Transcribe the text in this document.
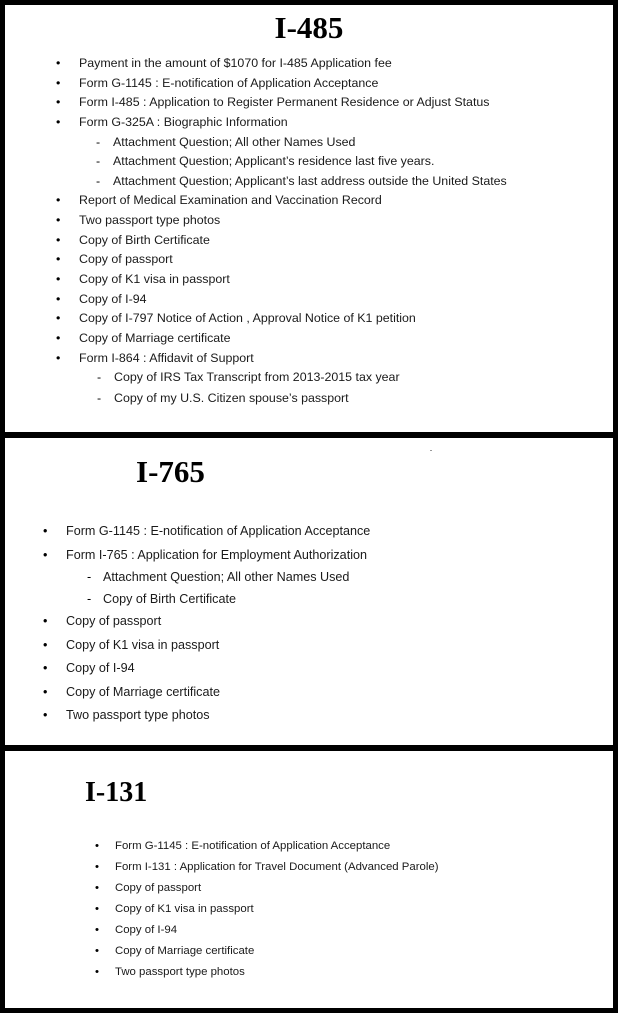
I-485
• Payment in the amount of $1070 for I-485 Application fee
• Form G-1145 : E-notification of Application Acceptance
• Form I-485 : Application to Register Permanent Residence or Adjust Status
• Form G-325A : Biographic Information
- Attachment Question; All other Names Used
- Attachment Question; Applicant’s residence last five years.
- Attachment Question; Applicant’s last address outside the United States
• Report of Medical Examination and Vaccination Record
• Two passport type photos
• Copy of Birth Certificate
• Copy of passport
• Copy of K1 visa in passport
• Copy of I-94
• Copy of I-797 Notice of Action , Approval Notice of K1 petition
• Copy of Marriage certificate
• Form I-864 : Affidavit of Support
- Copy of IRS Tax Transcript from 2013-2015 tax year
- Copy of my U.S. Citizen spouse’s passport
I-765
• Form G-1145 : E-notification of Application Acceptance
• Form I-765 : Application for Employment Authorization
- Attachment Question; All other Names Used
- Copy of Birth Certificate
• Copy of passport
• Copy of K1 visa in passport
• Copy of I-94
• Copy of Marriage certificate
• Two passport type photos
I-131
• Form G-1145 : E-notification of Application Acceptance
• Form I-131 : Application for Travel Document (Advanced Parole)
• Copy of passport
• Copy of K1 visa in passport
• Copy of I-94
• Copy of Marriage certificate
• Two passport type photos
